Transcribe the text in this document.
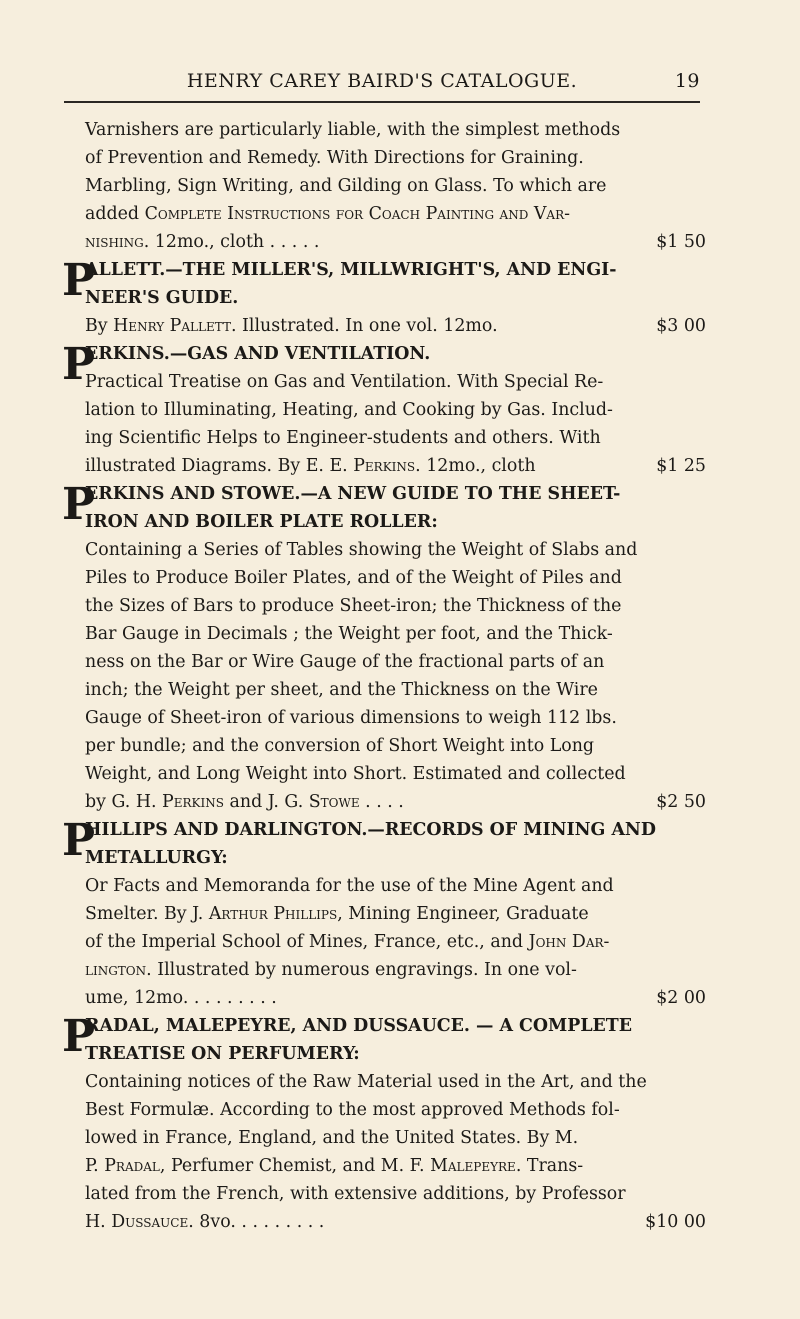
HENRY CAREY BAIRD'S CATALOGUE.	19
Varnishers are particularly liable, with the simplest methods
of Prevention and Remedy. With Directions for Graining.
Marbling, Sign Writing, and Gilding on Glass. To which are
added Complete Instructions for Coach Painting and Var-
nishing. 12mo., cloth . . . . .	$1 50
P
ALLETT.—THE MILLER'S, MILLWRIGHT'S, AND ENGI-
NEER'S GUIDE.
By Henry Pallett. Illustrated. In one vol. 12mo.	$3 00
P
ERKINS.—GAS AND VENTILATION.
Practical Treatise on Gas and Ventilation. With Special Re-
lation to Illuminating, Heating, and Cooking by Gas. Includ-
ing Scientific Helps to Engineer-students and others. With
illustrated Diagrams. By E. E. Perkins. 12mo., cloth	$1 25
P
ERKINS AND STOWE.—A NEW GUIDE TO THE SHEET-
IRON AND BOILER PLATE ROLLER:
Containing a Series of Tables showing the Weight of Slabs and
Piles to Produce Boiler Plates, and of the Weight of Piles and
the Sizes of Bars to produce Sheet-iron; the Thickness of the
Bar Gauge in Decimals ; the Weight per foot, and the Thick-
ness on the Bar or Wire Gauge of the fractional parts of an
inch; the Weight per sheet, and the Thickness on the Wire
Gauge of Sheet-iron of various dimensions to weigh 112 lbs.
per bundle; and the conversion of Short Weight into Long
Weight, and Long Weight into Short. Estimated and collected
by G. H. Perkins and J. G. Stowe . . . .	$2 50
P
HILLIPS AND DARLINGTON.—RECORDS OF MINING AND
METALLURGY:
Or Facts and Memoranda for the use of the Mine Agent and
Smelter. By J. Arthur Phillips, Mining Engineer, Graduate
of the Imperial School of Mines, France, etc., and John Dar-
lington. Illustrated by numerous engravings. In one vol-
ume, 12mo. . . . . . . . .	$2 00
P
RADAL, MALEPEYRE, AND DUSSAUCE. — A COMPLETE
TREATISE ON PERFUMERY:
Containing notices of the Raw Material used in the Art, and the
Best Formulæ. According to the most approved Methods fol-
lowed in France, England, and the United States. By M.
P. Pradal, Perfumer Chemist, and M. F. Malepeyre. Trans-
lated from the French, with extensive additions, by Professor
H. Dussauce. 8vo. . . . . . . . .	$10 00
